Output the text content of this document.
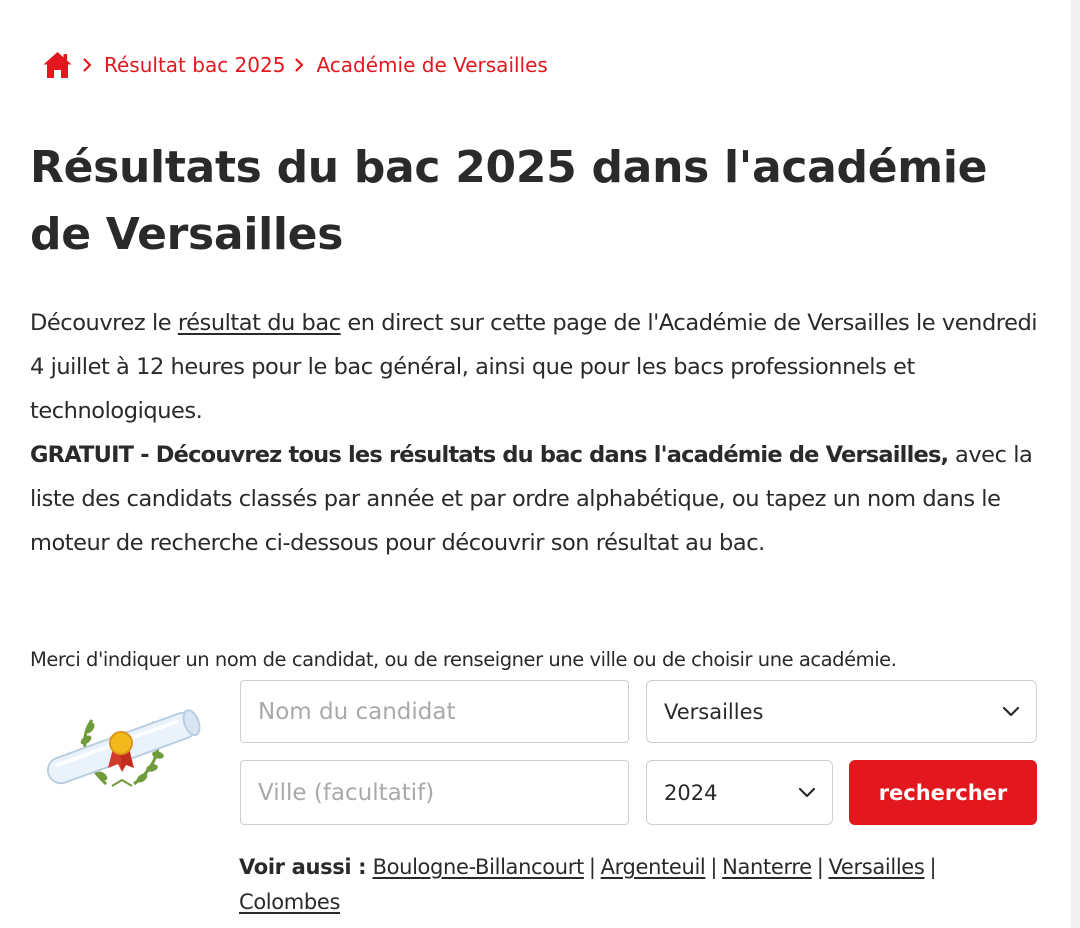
Résultat bac 2025 Académie de Versailles
Résultats du bac 2025 dans l'académie de Versailles

Découvrez le résultat du bac en direct sur cette page de l'Académie de Versailles le vendredi 4 juillet à 12 heures pour le bac général, ainsi que pour les bacs professionnels et technologiques.

GRATUIT - Découvrez tous les résultats du bac dans l'académie de Versailles, avec la liste des candidats classés par année et par ordre alphabétique, ou tapez un nom dans le moteur de recherche ci-dessous pour découvrir son résultat au bac.

Merci d'indiquer un nom de candidat, ou de renseigner une ville ou de choisir une académie.
Nom du candidat
Versailles
Ville (facultatif)
2024	rechercher
Voir aussi : Boulogne-Billancourt | Argenteuil | Nanterre | Versailles |
Colombes
